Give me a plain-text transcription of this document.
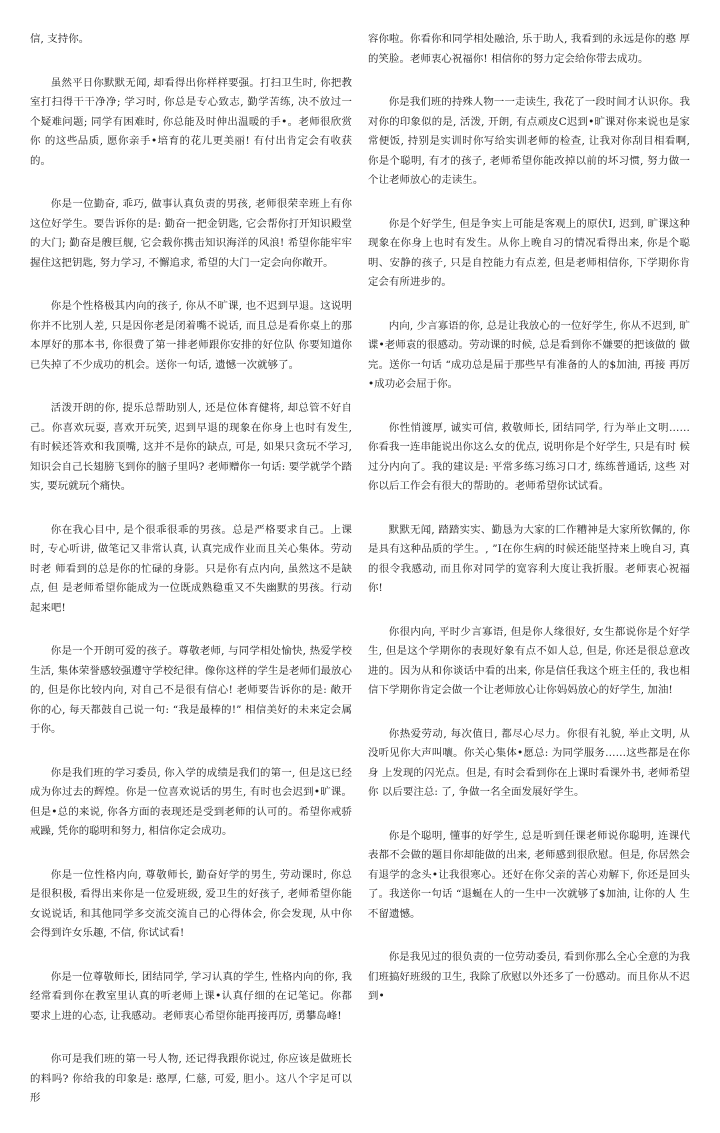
信, 支持你。

虽然平日你默默无闻, 却看得出你样样要强。打扫卫生时, 你把教 室打扫得干干净净; 学习时, 你总是专心致志, 勤学苦练, 决不放过一 个疑难问题; 同学有困难时, 你总能及时伸出温暖的手•。老师很欣赏你 的这些品质, 愿你亲手•培育的花儿更美丽! 有付出肯定会有收获的。

你是一位勤奋, 乖巧, 做事认真负责的男孩, 老师很荣幸班上有你 这位好学生。要告诉你的是: 勤奋一把金钥匙, 它会帮你打开知识殿堂 的大门; 勤奋是艘巨舰, 它会载你携击知识海洋的风浪! 希望你能牢牢 握住这把钥匙, 努力学习, 不懈追求, 希望的大门一定会向你敞开。

你是个性格极其内向的孩子, 你从不旷课, 也不迟到早退。这说明 你并不比别人差, 只是因你老是闭着嘴不说话, 而且总是看你桌上的那 本厚好的那本书, 你很费了第一排老师跟你安排的好位队 你要知道你 已失掉了不少成功的机会。送你一句话, 遗憾一次就够了。

活泼开朗的你, 提乐总帮助别人, 还是位体育健将, 却总管不好自 己。你喜欢玩耍, 喜欢开玩笑, 迟到早退的现象在你身上也时有发生, 有时候还答欢和我顶嘴, 这并不是你的缺点, 可是, 如果只贪玩不学习, 知识会自己长翅膀飞到你的脑子里吗? 老师赠你一句话: 要学就学个踏 实, 要玩就玩个痛快。

你在我心目中, 是个很乖很乖的男孩。总是严格要求自己。上课时, 专心听讲, 做笔记又非常认真, 认真完成作业而且关心集体。劳动时老 师看到的总是你的忙碌的身影。只是你有点内向, 虽然这不是缺点, 但 是老师希望你能成为一位既成熟稳重又不失幽默的男孩。行动起来吧!

你是一个开朗可爱的孩子。尊敬老师, 与同学相处愉快, 热爱学校 生活, 集体荣誉感较强遵守学校纪律。像你这样的学生是老师们最放心 的, 但是你比较内向, 对自己不是很有信心! 老师要告诉你的是: 敞开 你的心, 每天都鼓自己说一句: “我是最棒的!” 相信美好的未来定会属 于你。

你是我们班的学习委员, 你入学的成绩是我们的第一, 但是这已经 成为你过去的辉煌。你是一位喜欢说话的男生, 有时也会迟到•旷课。 但是•总的来说, 你各方面的表现还是受到老师的认可的。希望你戒骄 戒躁, 凭你的聪明和努力, 相信你定会成功。

你是一位性格内向, 尊敬师长, 勤奋好学的男生, 劳动课时, 你总 是很积极, 看得出来你是一位爱班级, 爱卫生的好孩子, 老师希望你能 女说说话, 和其他同学多交流交流自己的心得体会, 你会发现, 从中你 会得到许女乐趣, 不信, 你试试看!

你是一位尊敬师长, 团结同学, 学习认真的学生, 性格内向的你, 我经常看到你在教室里认真的听老师上课•认真仔细的在记笔记。你都 要求上进的心态, 让我感动。老师衷心希望你能再接再厉, 勇攀岛峰!

你可是我们班的第一号人物, 还记得我跟你说过, 你应该是做班长的料吗? 你给我的印象是: 憨厚, 仁慈, 可爱, 胆小。这八个字足可以 形

容你啦。你看你和同学相处融洽, 乐于助人, 我看到的永远是你的憨 厚的笑脸。老师衷心祝福你! 相信你的努力定会给你带去成功。

你是我们班的持殊人物一一走读生, 我花了一段时间才认识你。我对你的印象似的是, 活泼, 开朗, 有点顽皮C迟到•旷课对你来说也是家 常便饭, 持别是实训时你写给实训老师的检查, 让我对你刮目相看啊, 你是个聪明, 有才的孩子, 老师希望你能改掉以前的坏习惯, 努力做一 个让老师放心的走读生。

你是个好学生, 但是争实上可能是客观上的原伏I, 迟到, 旷课这种现象在你身上也时有发生。从你上晚自习的情况看得出来, 你是个聪明、安静的孩子, 只是自控能力有点差, 但是老师相信你, 下学期你肯定会有所进步的。

内向, 少言寡语的你, 总是让我放心的一位好学生, 你从不迟到, 旷 谍•老师袁的很感动。劳动课的时候, 总是看到你不嫌要的把该做的 做完。送你一句话 “成功总是届于那些早有准备的人的$加油, 再接 再厉•成功必会屈于你。

你性悄渡厚, 诚实可信, 救敬师长, 团结同学, 行为举止文明…… 你看我一连串能说出你这么女的优点, 说明你是个好学生, 只是有时 候过分内向了。我的建议是: 平常多练习练习口才, 练练普通话, 这些 对你以后工作会有很大的帮助的。老师希望你试试看。

默默无闻, 踏踏实实、勤恳为大家的匚作糟神是大家所钦佩的, 你 是具有这种品质的学生。, ”I在你生病的时候还能坚持来上晚自习, 真的很令我感动, 而且你对同学的宽容利大度让我折服。老师衷心祝福你!

你很内向, 平时少言寡语, 但是你人缘很好, 女生都说你是个好学 生, 但是这个学期你的表现好象有点不如人总, 但是, 你还是很总意改 进的。因为从和你谈话中看的出来, 你是信任我这个班主任的, 我也相 信下学期你肯定会做一个让老师放心让你妈妈放心的好学生, 加油!

你热爱劳动, 每次值日, 都尽心尽力。你很有礼貌, 举止文明, 从 没听见你大声叫嚷。你关心集体•愿总: 为同学服务……这些都是在你身 上发现的闪光点。但是, 有时会看到你在上课时看课外书, 老师希望你 以后要注总: 了, 争做一名全面发展好学生。

你是个聪明, 懂事的好学生, 总是听到任课老师说你聪明, 连课代 表都不会做的题目你却能做的出来, 老师感到很欣慰。但是, 你居然会 有退学的念头•让我很寒心。还好在你父亲的苦心劝解下, 你还是回头了。我送你一句话 “退蜒在人的一生中一次就够了$加油, 让你的人 生不留遗憾。

你是我见过的很负责的一位劳动委员, 看到你那么全心全意的为我 们班搞好班级的卫生, 我除了欣慰以外还多了一份感动。而且你从不迟 到•
